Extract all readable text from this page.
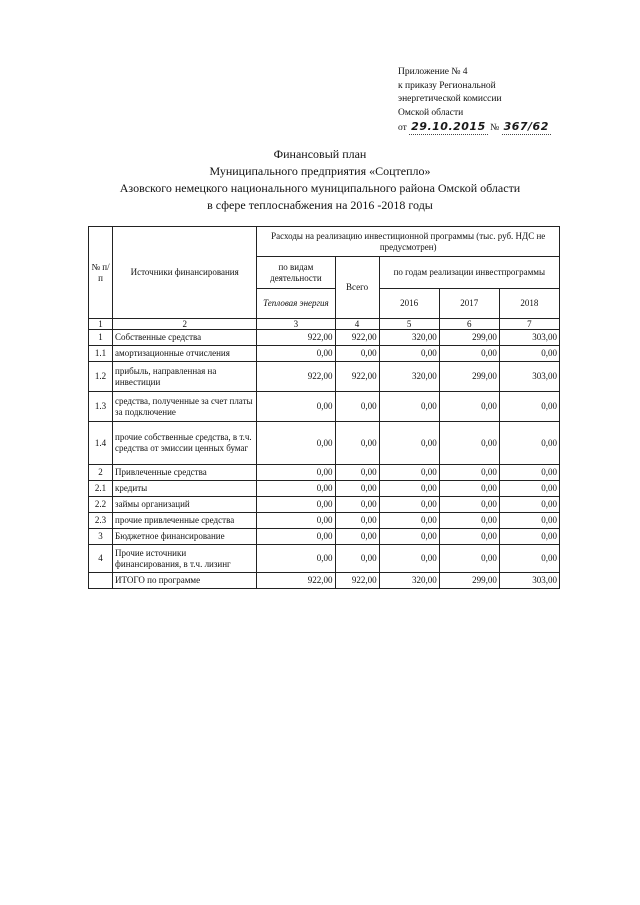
Приложение № 4
к приказу Региональной
энергетической комиссии
Омской области
от 29.10.2015 № 367/62
Финансовый план
Муниципального предприятия «Соцтепло»
Азовского немецкого национального муниципального района Омской области
в сфере теплоснабжения на 2016 -2018 годы
№ п/п	Источники финансирования	Расходы на реализацию инвестиционной программы (тыс. руб. НДС не предусмотрен)				
		по видам деятельности	Всего	по годам реализации инвестпрограммы		
		Тепловая энергия		2016	2017	2018
1	2	3	4	5	6	7
1	Собственные средства	922,00	922,00	320,00	299,00	303,00
1.1	амортизационные отчисления	0,00	0,00	0,00	0,00	0,00
1.2	прибыль, направленная на инвестиции	922,00	922,00	320,00	299,00	303,00
1.3	средства, полученные за счет платы за подключение	0,00	0,00	0,00	0,00	0,00
1.4	прочие собственные средства, в т.ч. средства от эмиссии ценных бумаг	0,00	0,00	0,00	0,00	0,00
2	Привлеченные средства	0,00	0,00	0,00	0,00	0,00
2.1	кредиты	0,00	0,00	0,00	0,00	0,00
2.2	займы организаций	0,00	0,00	0,00	0,00	0,00
2.3	прочие привлеченные средства	0,00	0,00	0,00	0,00	0,00
3	Бюджетное финансирование	0,00	0,00	0,00	0,00	0,00
4	Прочие источники финансирования, в т.ч. лизинг	0,00	0,00	0,00	0,00	0,00
	ИТОГО по программе	922,00	922,00	320,00	299,00	303,00
